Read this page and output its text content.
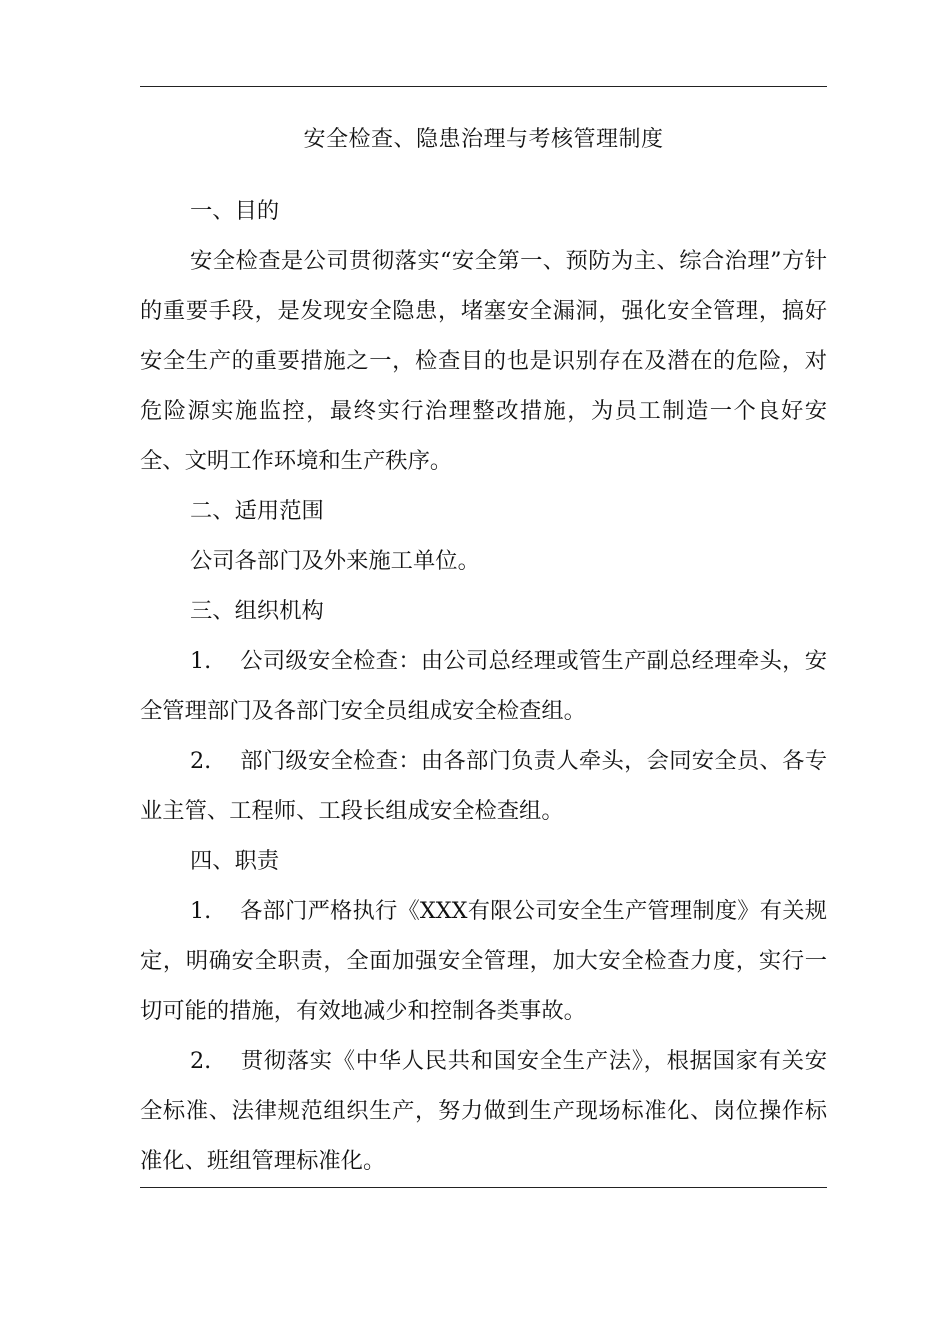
安全检查、隐患治理与考核管理制度

一、目的

安全检查是公司贯彻落实“安全第一、预防为主、综合治理”方针的重要手段，是发现安全隐患，堵塞安全漏洞，强化安全管理，搞好安全生产的重要措施之一，检查目的也是识别存在及潜在的危险，对危险源实施监控，最终实行治理整改措施，为员工制造一个良好安全、文明工作环境和生产秩序。

二、适用范围

公司各部门及外来施工单位。

三、组织机构

1. 公司级安全检查：由公司总经理或管生产副总经理牵头，安全管理部门及各部门安全员组成安全检查组。

2. 部门级安全检查：由各部门负责人牵头，会同安全员、各专业主管、工程师、工段长组成安全检查组。

四、职责

1. 各部门严格执行《XXX有限公司安全生产管理制度》有关规定，明确安全职责，全面加强安全管理，加大安全检查力度，实行一切可能的措施，有效地减少和控制各类事故。

2. 贯彻落实《中华人民共和国安全生产法》，根据国家有关安全标准、法律规范组织生产，努力做到生产现场标准化、岗位操作标准化、班组管理标准化。
